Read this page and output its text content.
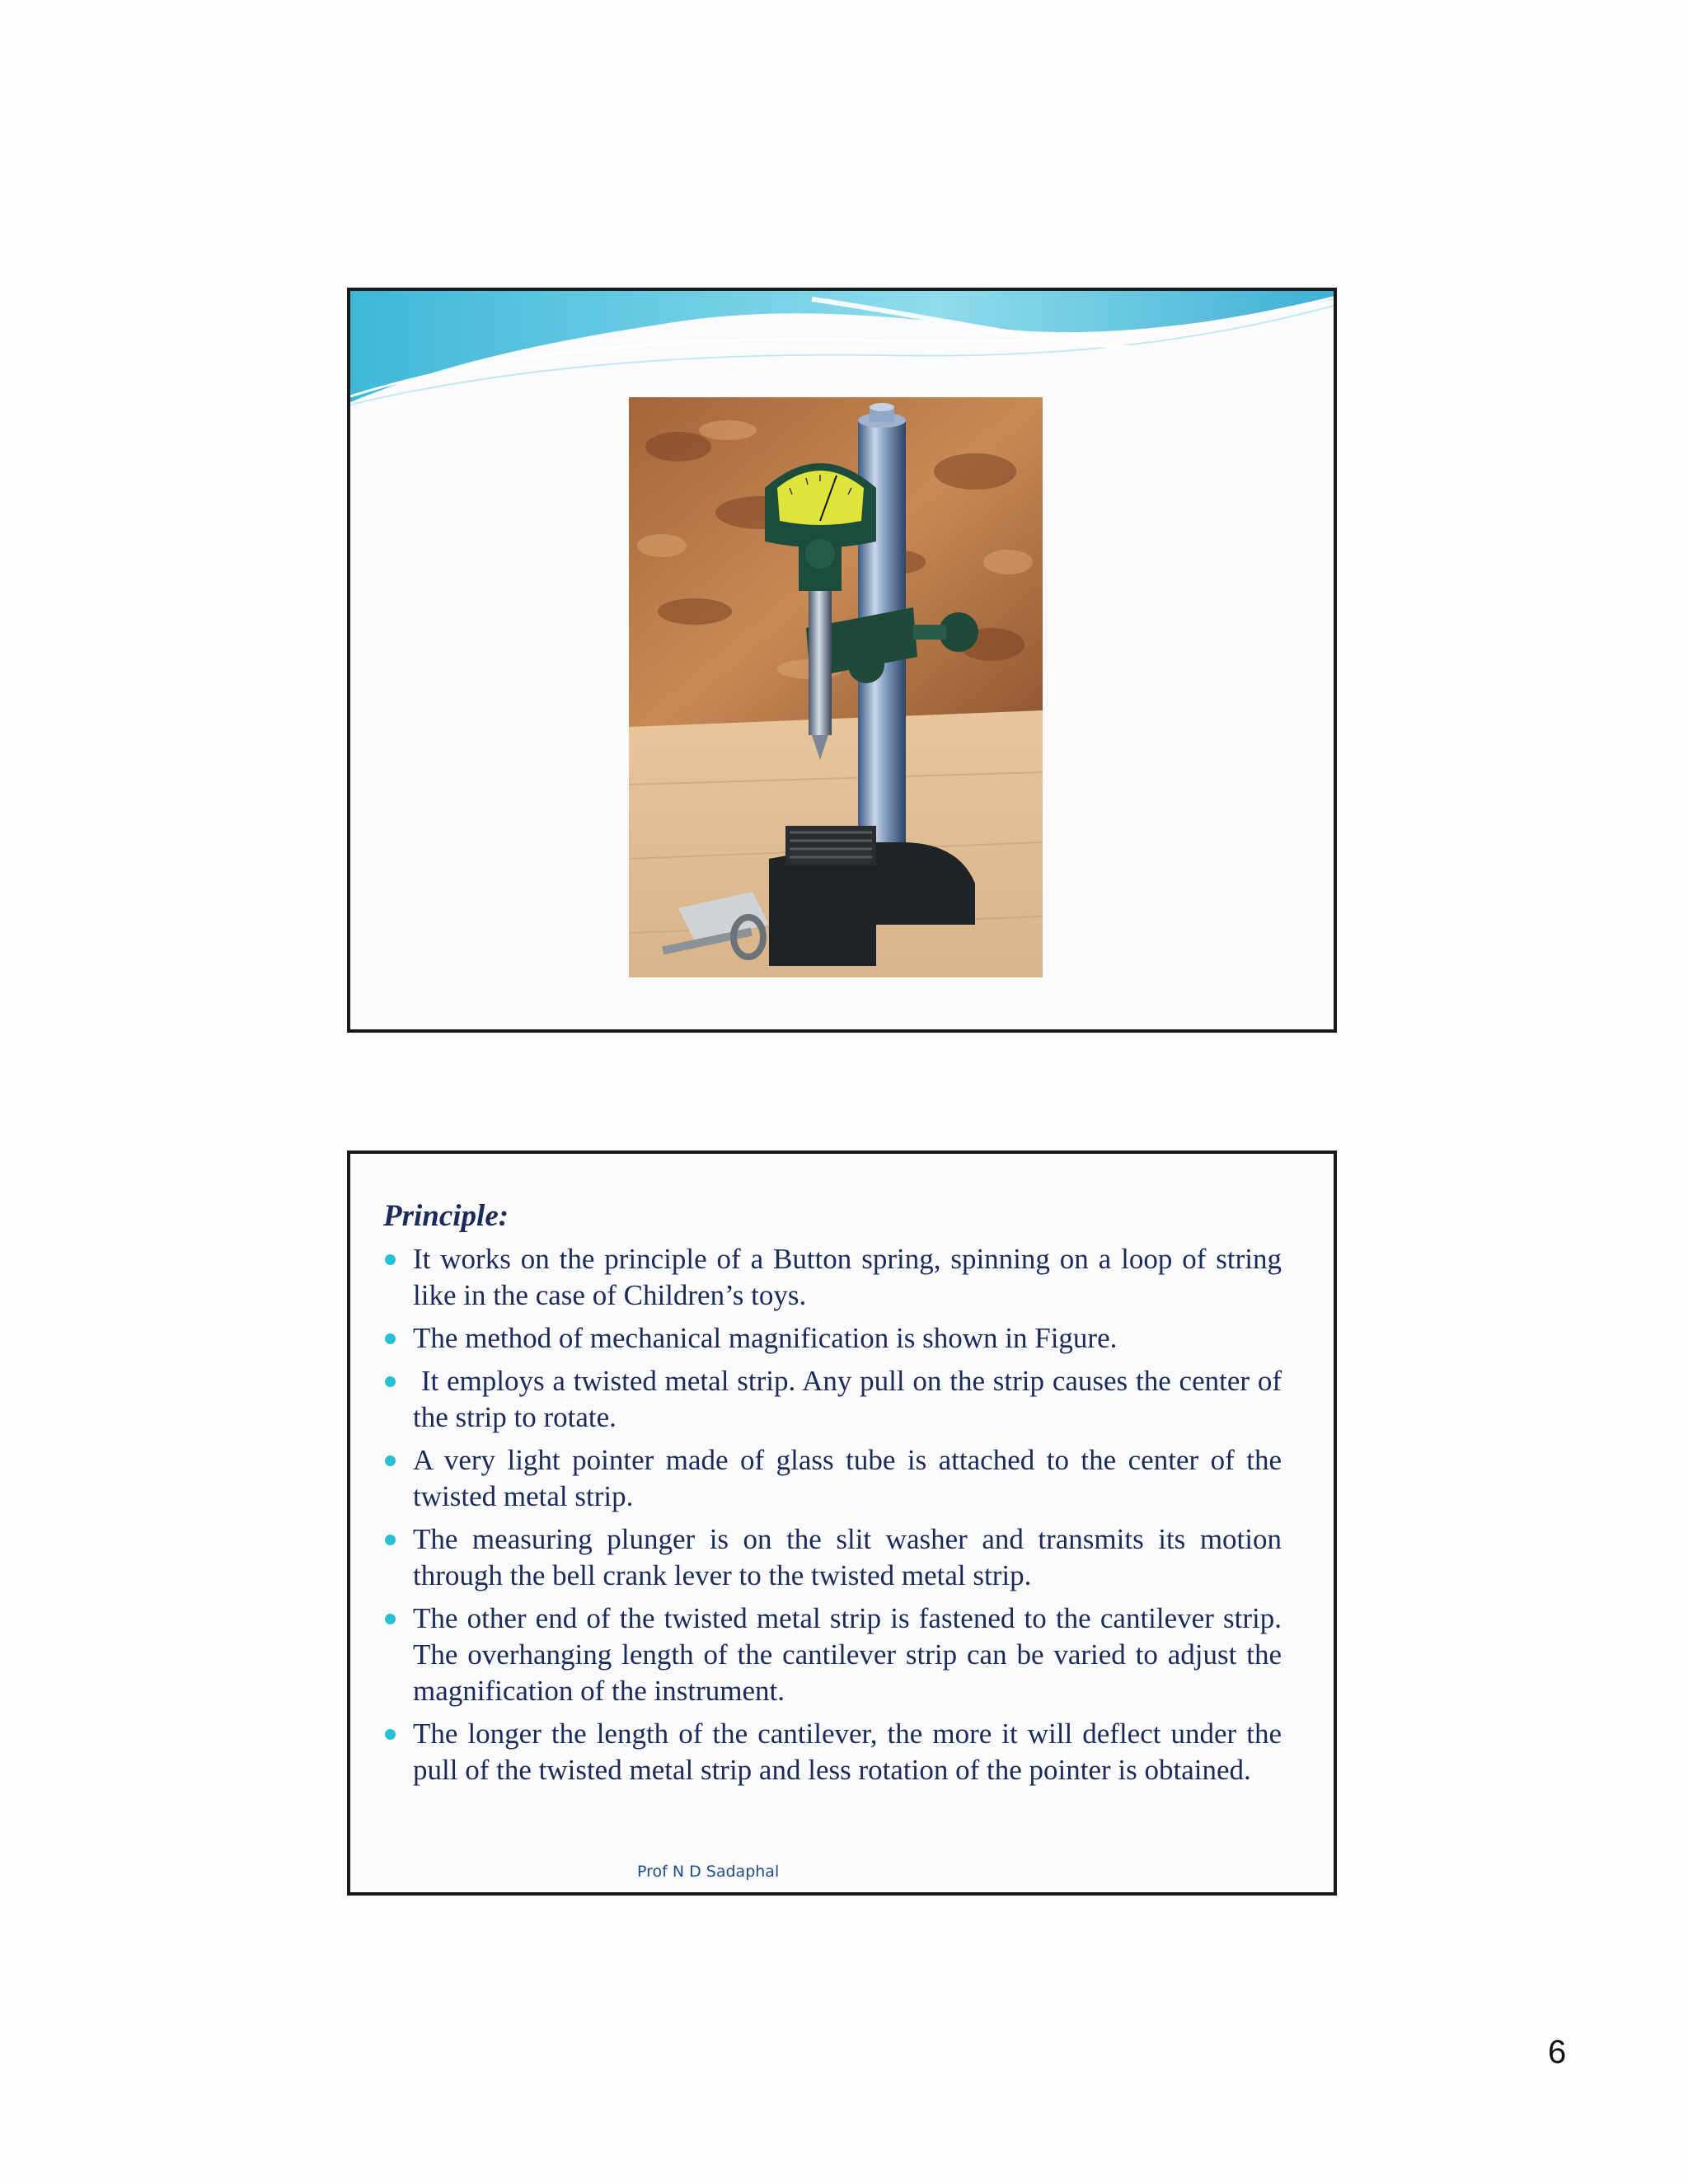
Principle:

It works on the principle of a Button spring, spinning on a loop of string like in the case of Children’s toys.
The method of mechanical magnification is shown in Figure.
It employs a twisted metal strip. Any pull on the strip causes the center of the strip to rotate.
A very light pointer made of glass tube is attached to the center of the twisted metal strip.
The measuring plunger is on the slit washer and transmits its motion through the bell crank lever to the twisted metal strip.
The other end of the twisted metal strip is fastened to the cantilever strip. The overhanging length of the cantilever strip can be varied to adjust the magnification of the instrument.
The longer the length of the cantilever, the more it will deflect under the pull of the twisted metal strip and less rotation of the pointer is obtained.

Prof N D Sadaphal

6
